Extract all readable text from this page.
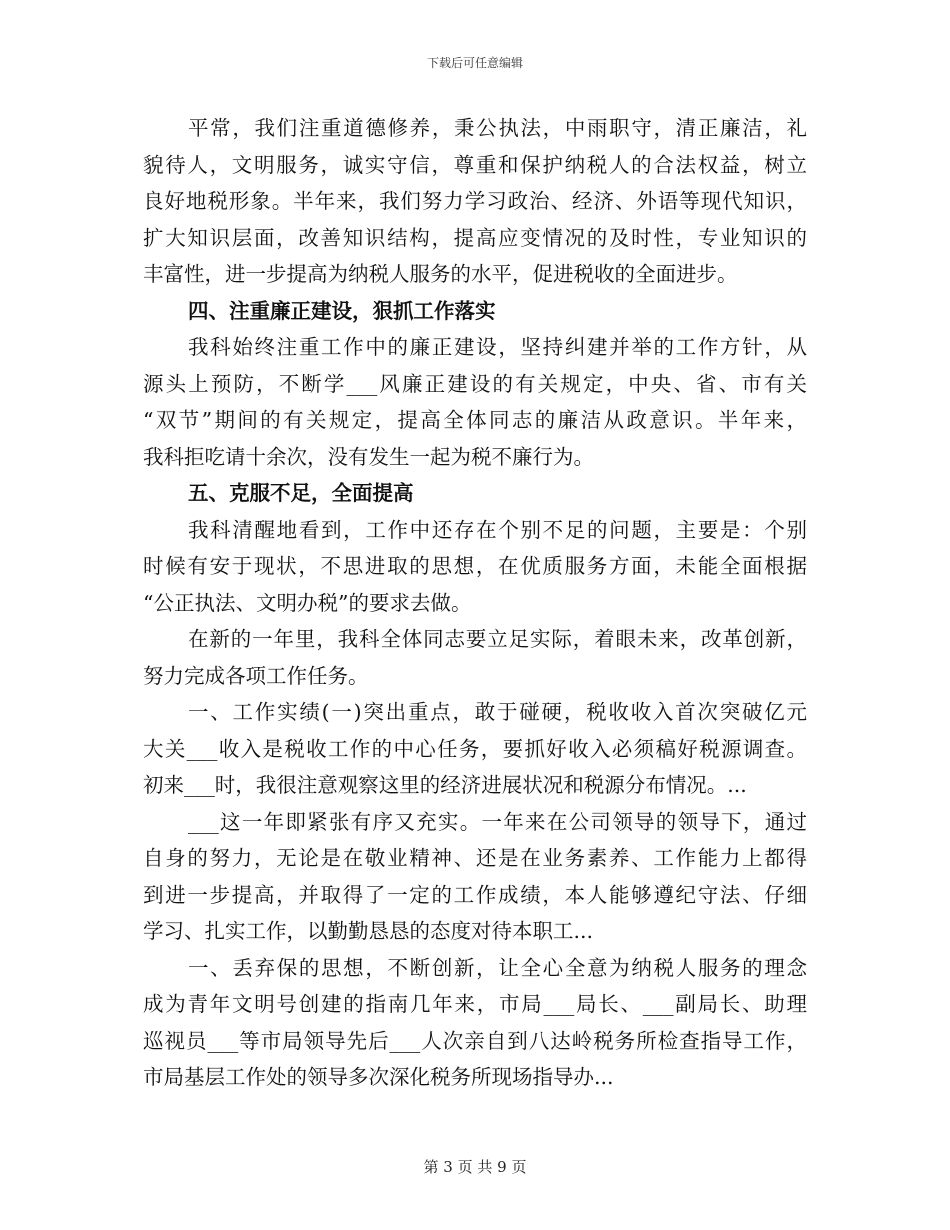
下载后可任意编辑
平常，我们注重道德修养，秉公执法，中雨职守，清正廉洁，礼
貌待人，文明服务，诚实守信，尊重和保护纳税人的合法权益，树立
良好地税形象。半年来，我们努力学习政治、经济、外语等现代知识，
扩大知识层面，改善知识结构，提高应变情况的及时性，专业知识的
丰富性，进一步提高为纳税人服务的水平，促进税收的全面进步。
四、注重廉正建设，狠抓工作落实
我科始终注重工作中的廉正建设，坚持纠建并举的工作方针，从
源头上预防，不断学___风廉正建设的有关规定，中央、省、市有关
“双节”期间的有关规定，提高全体同志的廉洁从政意识。半年来，
我科拒吃请十余次，没有发生一起为税不廉行为。
五、克服不足，全面提高
我科清醒地看到，工作中还存在个别不足的问题，主要是：个别
时候有安于现状，不思进取的思想，在优质服务方面，未能全面根据
“公正执法、文明办税”的要求去做。
在新的一年里，我科全体同志要立足实际，着眼未来，改革创新，
努力完成各项工作任务。
一、工作实绩(一)突出重点，敢于碰硬，税收收入首次突破亿元
大关___收入是税收工作的中心任务，要抓好收入必须稿好税源调查。
初来___时，我很注意观察这里的经济进展状况和税源分布情况。...
___这一年即紧张有序又充实。一年来在公司领导的领导下，通过
自身的努力，无论是在敬业精神、还是在业务素养、工作能力上都得
到进一步提高，并取得了一定的工作成绩，本人能够遵纪守法、仔细
学习、扎实工作，以勤勤恳恳的态度对待本职工...
一、丢弃保的思想，不断创新，让全心全意为纳税人服务的理念
成为青年文明号创建的指南几年来，市局___局长、___副局长、助理
巡视员___等市局领导先后___人次亲自到八达岭税务所检查指导工作，
市局基层工作处的领导多次深化税务所现场指导办...
第 3 页 共 9 页
